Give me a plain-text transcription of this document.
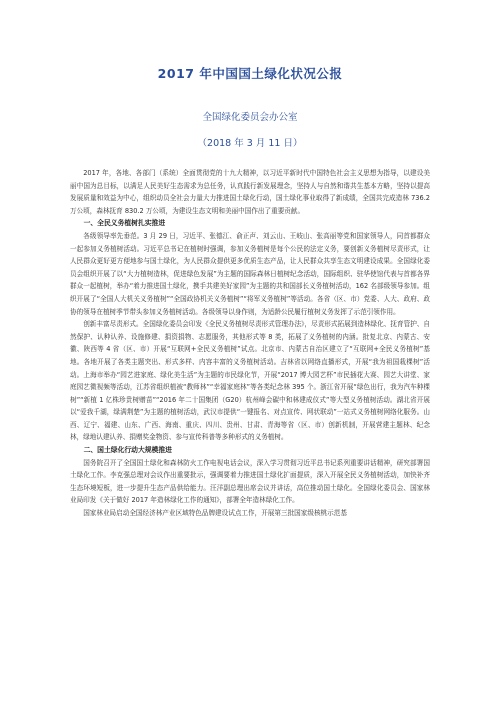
2017 年中国国土绿化状况公报
全国绿化委员会办公室
（2018 年 3 月 11 日）

2017 年，各地、各部门（系统）全面贯彻党的十九大精神，以习近平新时代中国特色社会主义思想为指导，以建设美丽中国为总目标，以满足人民美好生态需求为总任务，认真践行新发展理念，坚持人与自然和谐共生基本方略，坚持以提高发展质量和效益为中心，组织动员全社会力量大力推进国土绿化行动，国土绿化事业取得了新成绩，全国共完成造林 736.2 万公顷，森林抚育 830.2 万公顷，为建设生态文明和美丽中国作出了重要贡献。

一、全民义务植树扎实推进

各级领导率先垂范。3 月 29 日，习近平、张德江、俞正声、刘云山、王岐山、张高丽等党和国家领导人，同首都群众一起参加义务植树活动。习近平总书记在植树时强调，参加义务植树是每个公民的法定义务，要创新义务植树尽责形式，让人民群众更好更方便地参与国土绿化，为人民群众提供更多优质生态产品，让人民群众共享生态文明建设成果。全国绿化委员会组织开展了以“大力植树造林，促进绿色发展”为主题的国际森林日植树纪念活动，国际组织、驻华使馆代表与首都各界群众一起植树，举办“着力推进国土绿化，携手共建美好家园”为主题的共和国部长义务植树活动，162 名部级领导参加。组织开展了“全国人大机关义务植树”“全国政协机关义务植树”“将军义务植树”等活动。各省（区、市）党委、人大、政府、政协的领导在植树季节带头参加义务植树活动。各级领导以身作则，为适龄公民履行植树义务发挥了示范引领作用。

创新丰富尽责形式。全国绿化委员会印发《全民义务植树尽责形式管理办法》，尽责形式拓展到造林绿化、抚育管护、自然保护、认种认养、设施修建、捐资捐物、志愿服务，其他形式等 8 类，拓展了义务植树的内涵。批复北京、内蒙古、安徽、陕西等 4 省（区、市）开展“互联网+全民义务植树”试点。北京市、内蒙古自治区建立了“互联网+全民义务植树”基地。各地开展了各类主题突出、形式多样、内容丰富的义务植树活动。吉林省以网络直播形式，开展“我为祖国栽棵树”活动。上海市举办“园艺进家庭、绿化美生活”为主题的市民绿化节，开展“2017 博大园艺杯”市民插花大赛、园艺大讲堂、家庭园艺微视频等活动，江苏省组织植被“教师林”“幸福家庭林”等各类纪念林 395 个。浙江省开展“绿色出行，我为汽车种棵树”“新植 1 亿株珍贵树赠苗”“2016 年二十国集团（G20）杭州峰会碳中和林建成仪式”等大型义务植树活动。湖北省开展以“爱我千湖，绿满荆楚”为主题的植树活动，武汉市提供“一键报名、对点宣传、网状联动”一站式义务植树网络化服务。山西、辽宁、福建、山东、广西、海南、重庆、四川、贵州、甘肃、青海等省（区、市）创新机制，开展营建主题林、纪念林，绿地认建认养、捐赠奖金物资、参与宣传科普等多种形式的义务植树。

二、国土绿化行动大规模推进

国务院召开了全国国土绿化和森林防火工作电视电话会议，深入学习贯彻习近平总书记系列重要讲话精神，研究部署国土绿化工作。李克强总理对会议作出重要批示，强调要着力推进国土绿化扩面提质，深入开展全民义务植树活动，加快补齐生态环境短板，进一步提升生态产品供给能力。汪洋副总理出席会议并讲话，高位推动国土绿化。全国绿化委员会、国家林业局印发《关于做好 2017 年造林绿化工作的通知》，部署全年造林绿化工作。

国家林业局启动全国经济林产业区域特色品牌建设试点工作，开展第三批国家级核桃示范基
